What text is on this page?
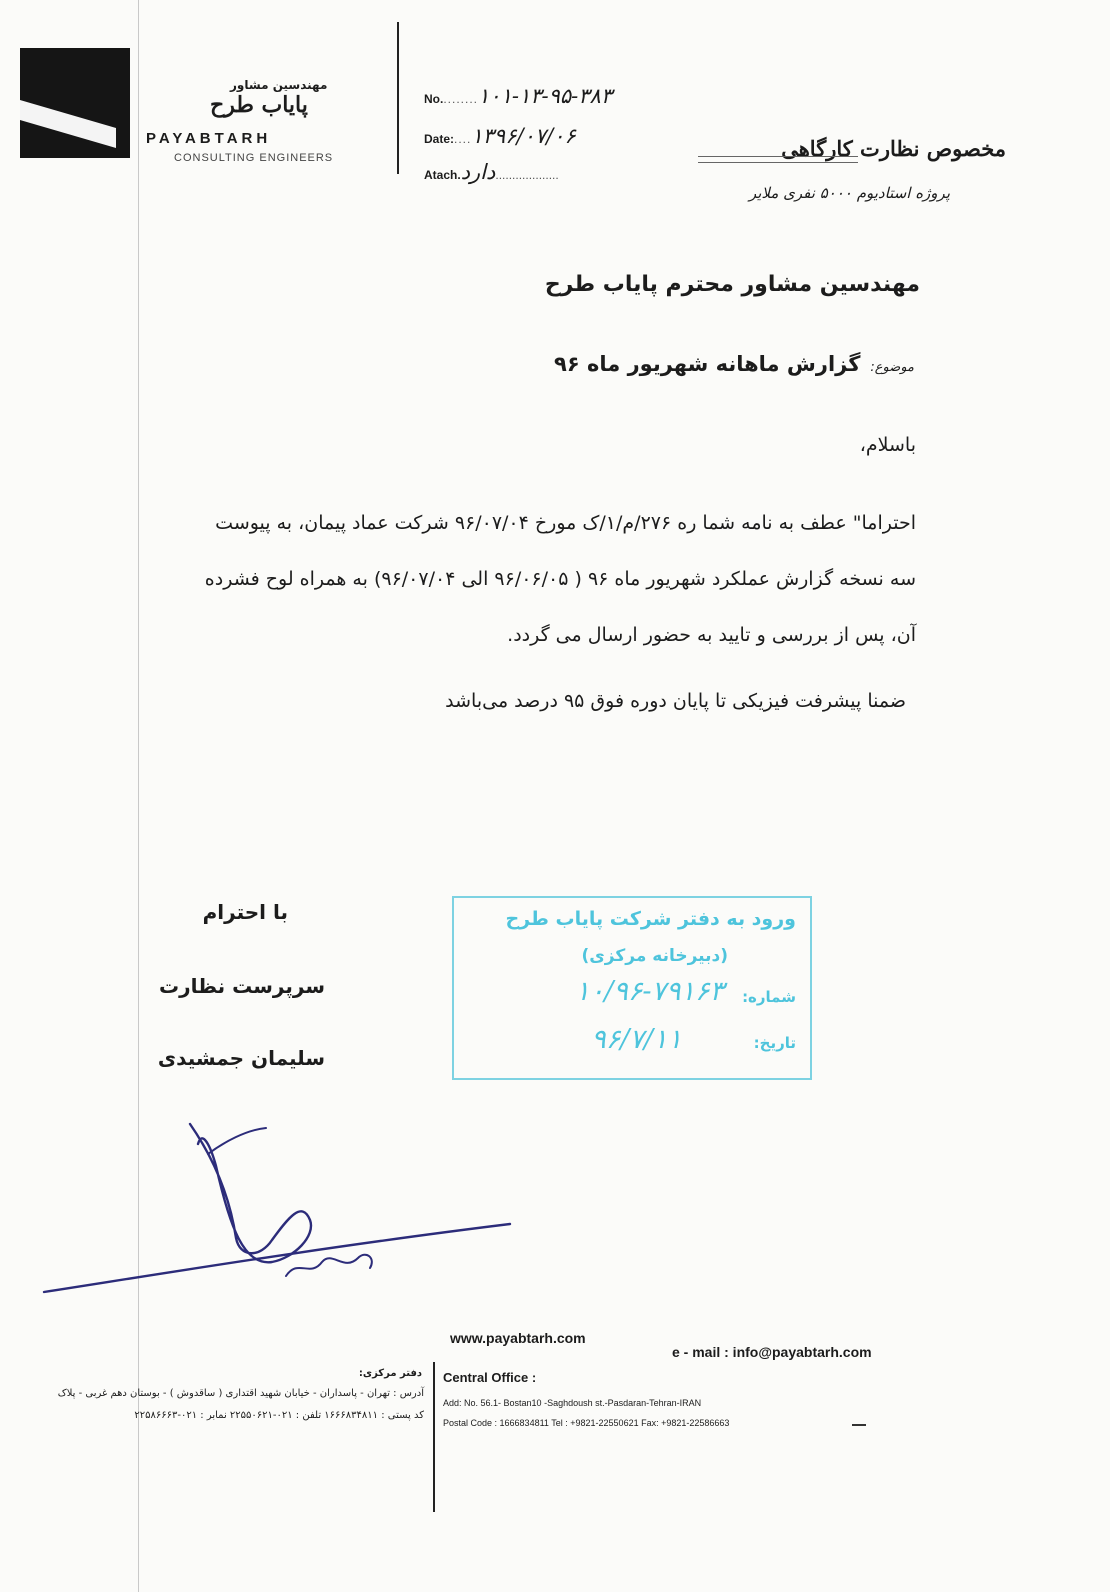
مهندسین مشاور
پایاب طرح
PAYABTARH
CONSULTING ENGINEERS
No.........۱۰۱-۱۳-۹۵-۳۸۳
Date:....۱۳۹۶/۰۷/۰۶
Atach.دارد...................
مخصوص نظارت کارگاهی
پروژه استادیوم ۵۰۰۰ نفری ملایر
مهندسین مشاور محترم پایاب طرح
موضوع:گزارش ماهانه شهریور ماه ۹۶
باسلام،
احتراما" عطف به نامه شما ره ۲۷۶/م/۱/ک مورخ ۹۶/۰۷/۰۴ شرکت عماد پیمان، به پیوست
سه نسخه گزارش عملکرد شهریور ماه ۹۶ ( ۹۶/۰۶/۰۵ الی ۹۶/۰۷/۰۴) به همراه لوح فشرده
آن، پس از بررسی و تایید به حضور ارسال می گردد.
ضمنا پیشرفت فیزیکی تا پایان دوره فوق ۹۵ درصد می‌باشد
با احترام
سرپرست نظارت
سلیمان جمشیدی
ورود به دفتر شرکت پایاب طرح
(دبیرخانه مرکزی)
شماره:
۱۰/۹۶-۷۹۱۶۳
تاریخ:
۹۶/۷/۱۱
www.payabtarh.com
e - mail : info@payabtarh.com
دفتر مرکزی:
آدرس : تهران - پاسداران - خیابان شهید اقتداری ( ساقدوش ) - بوستان دهم غربی - پلاک
کد پستی : ۱۶۶۶۸۳۴۸۱۱ تلفن : ۰۲۱-۲۲۵۵۰۶۲۱ نمابر : ۰۲۱-۲۲۵۸۶۶۶۳
Central Office :
Add: No. 56.1- Bostan10 -Saghdoush st.-Pasdaran-Tehran-IRAN
Postal Code : 1666834811 Tel : +9821-22550621 Fax: +9821-22586663
